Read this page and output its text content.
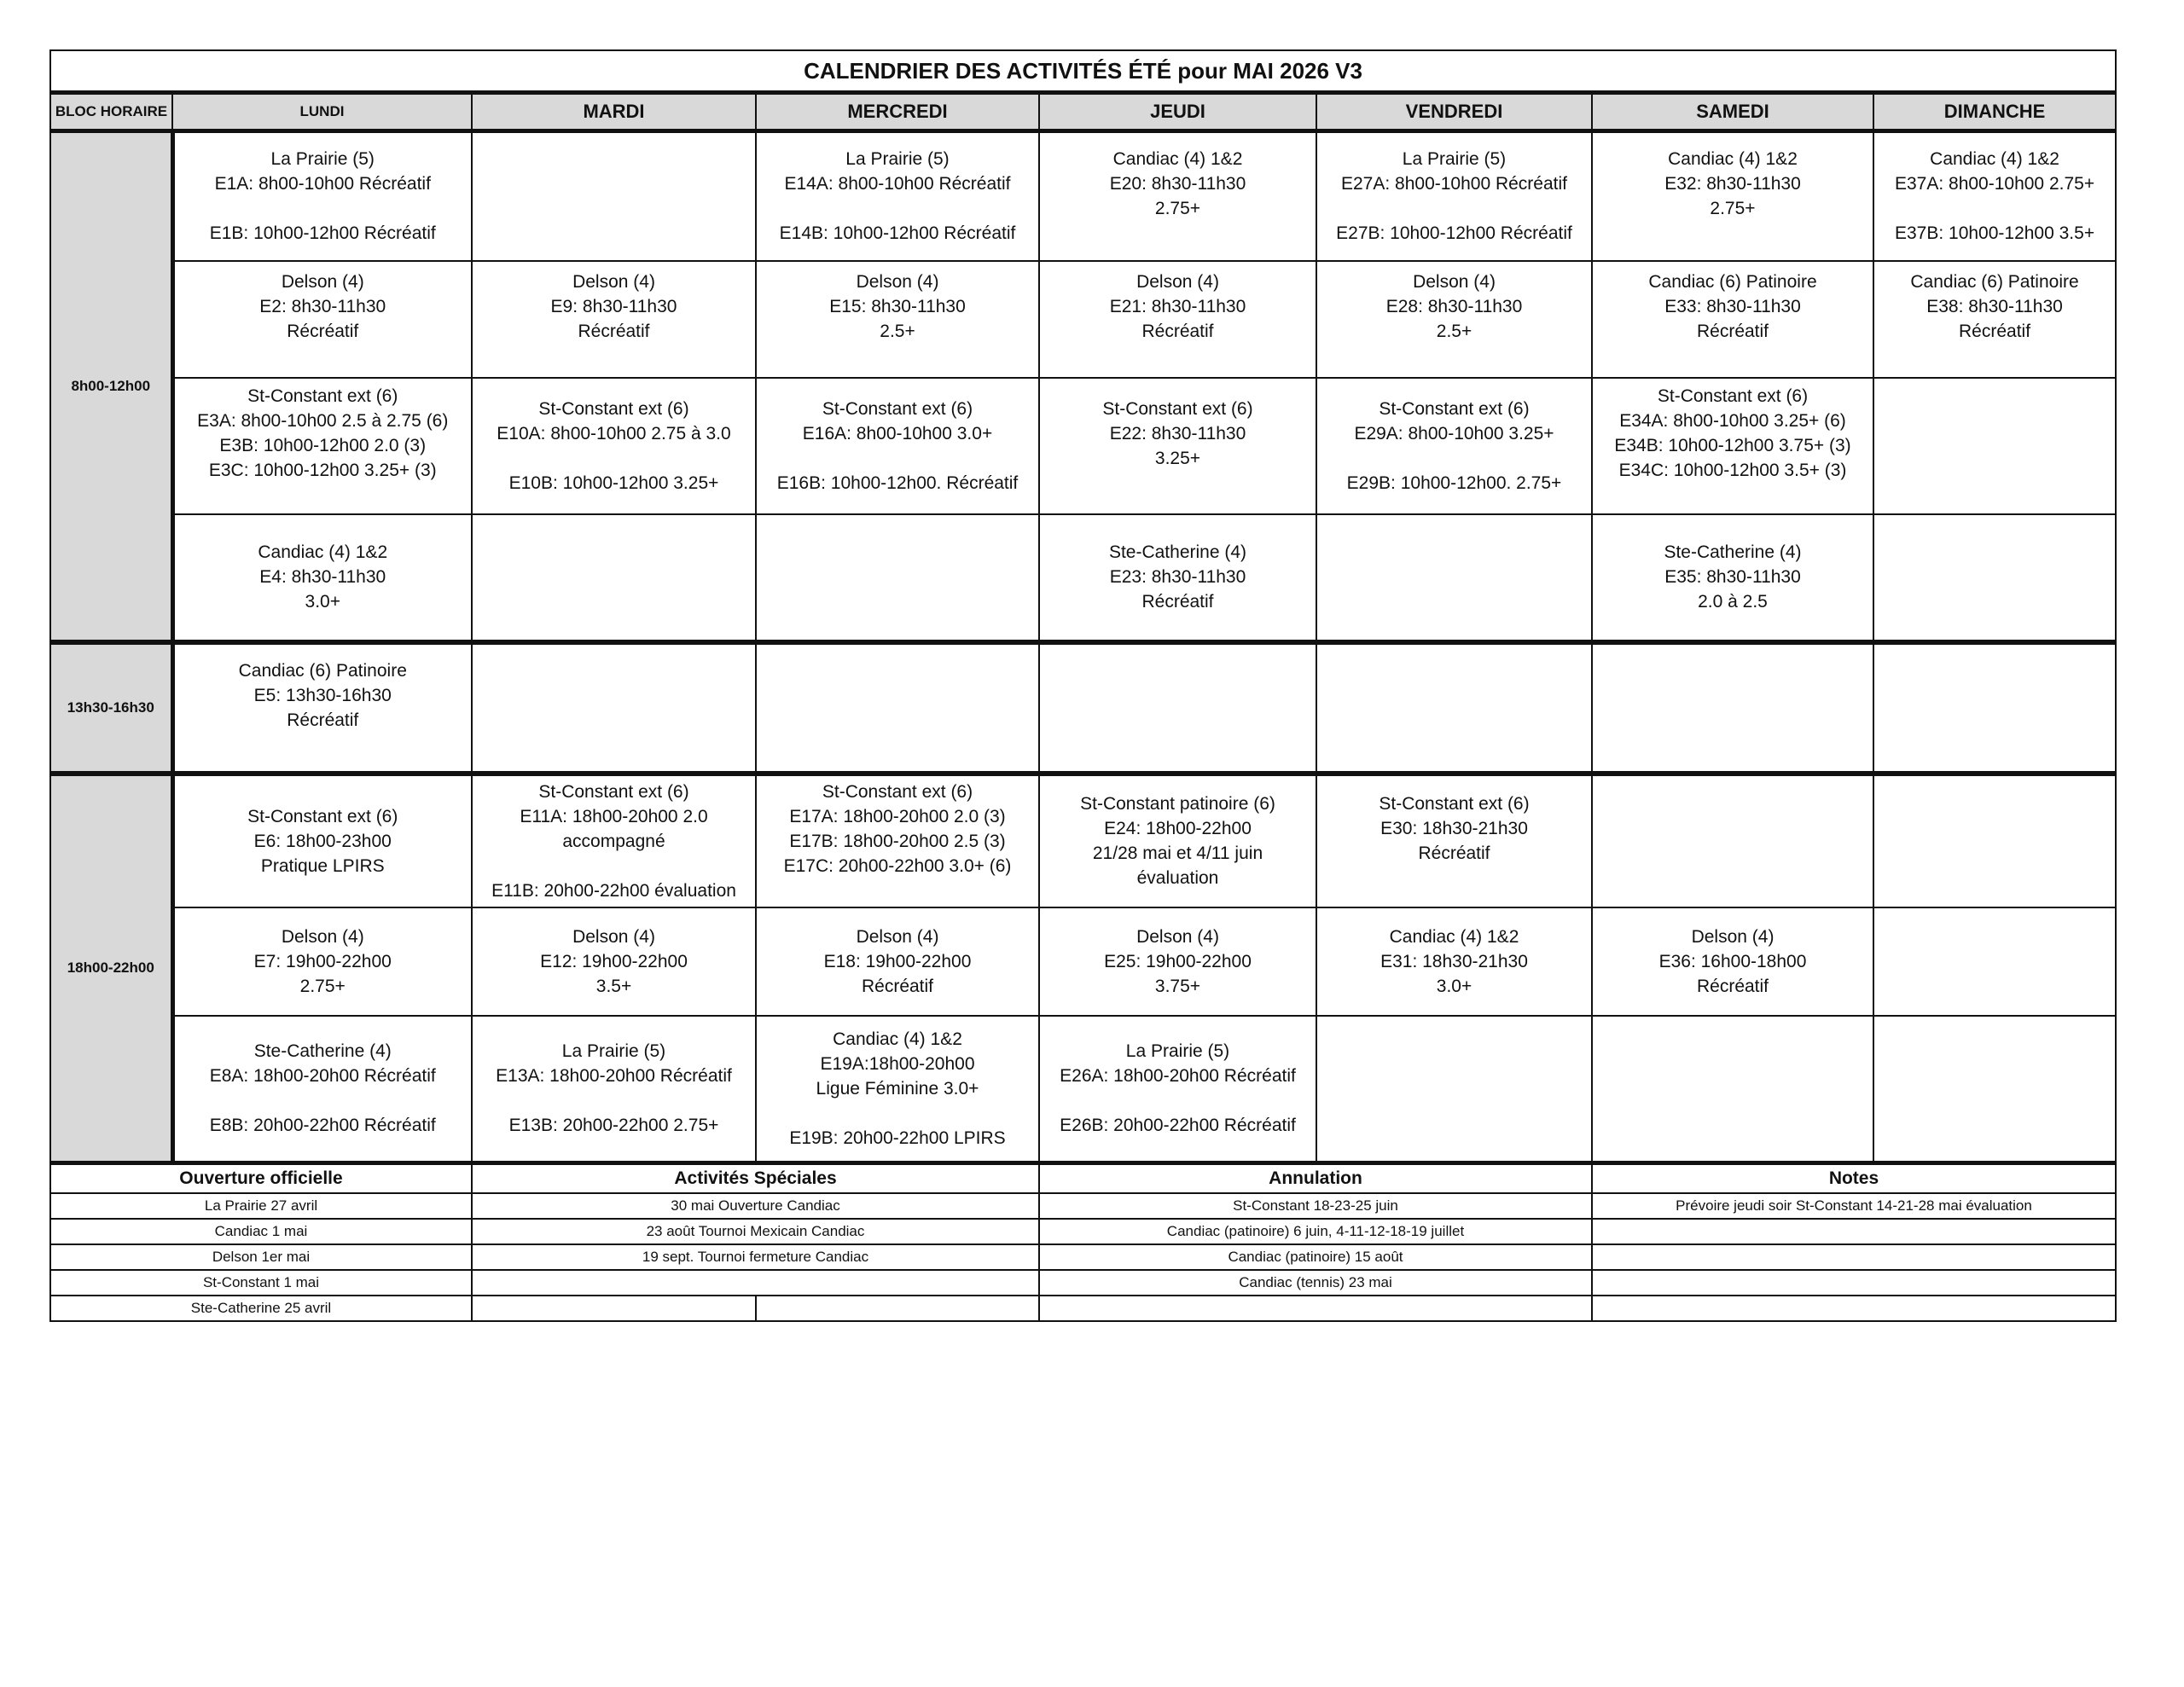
CALENDRIER DES ACTIVITÉS ÉTÉ pour MAI 2026 V3							
BLOC HORAIRE	LUNDI	MARDI	MERCREDI	JEUDI	VENDREDI	SAMEDI	DIMANCHE
8h00-12h00	La Prairie (5)
E1A: 8h00-10h00 Récréatif
E1B: 10h00-12h00 Récréatif		La Prairie (5)
E14A: 8h00-10h00 Récréatif
E14B: 10h00-12h00 Récréatif	Candiac (4) 1&2
E20: 8h30-11h30
2.75+	La Prairie (5)
E27A: 8h00-10h00 Récréatif
E27B: 10h00-12h00 Récréatif	Candiac (4) 1&2
E32: 8h30-11h30
2.75+	Candiac (4) 1&2
E37A: 8h00-10h00 2.75+
E37B: 10h00-12h00 3.5+

	Delson (4)
E2: 8h30-11h30
Récréatif	Delson (4)
E9: 8h30-11h30
Récréatif	Delson (4)
E15: 8h30-11h30
2.5+	Delson (4)
E21: 8h30-11h30
Récréatif	Delson (4)
E28: 8h30-11h30
2.5+	Candiac (6) Patinoire
E33: 8h30-11h30
Récréatif	Candiac (6) Patinoire
E38: 8h30-11h30
Récréatif

	St-Constant ext (6)
E3A: 8h00-10h00 2.5 à 2.75 (6)
E3B: 10h00-12h00 2.0 (3)
E3C: 10h00-12h00 3.25+ (3)	St-Constant ext (6)
E10A: 8h00-10h00 2.75 à 3.0
E10B: 10h00-12h00 3.25+	St-Constant ext (6)
E16A: 8h00-10h00 3.0+
E16B: 10h00-12h00. Récréatif	St-Constant ext (6)
E22: 8h30-11h30
3.25+	St-Constant ext (6)
E29A: 8h00-10h00 3.25+
E29B: 10h00-12h00. 2.75+	St-Constant ext (6)
E34A: 8h00-10h00 3.25+ (6)
E34B: 10h00-12h00 3.75+ (3)
E34C: 10h00-12h00 3.5+ (3)	

	Candiac (4) 1&2
E4: 8h30-11h30
3.0+			Ste-Catherine (4)
E23: 8h30-11h30
Récréatif		Ste-Catherine (4)
E35: 8h30-11h30
2.0 à 2.5	

13h30-16h30	Candiac (6) Patinoire
E5: 13h30-16h30
Récréatif						

18h00-22h00	St-Constant ext (6)
E6: 18h00-23h00
Pratique LPIRS	St-Constant ext (6)
E11A: 18h00-20h00 2.0
accompagné
E11B: 20h00-22h00 évaluation	St-Constant ext (6)
E17A: 18h00-20h00 2.0 (3)
E17B: 18h00-20h00 2.5 (3)
E17C: 20h00-22h00 3.0+ (6)	St-Constant patinoire (6)
E24: 18h00-22h00
21/28 mai et 4/11 juin
évaluation	St-Constant ext (6)
E30: 18h30-21h30
Récréatif		

	Delson (4)
E7: 19h00-22h00
2.75+	Delson (4)
E12: 19h00-22h00
3.5+	Delson (4)
E18: 19h00-22h00
Récréatif	Delson (4)
E25: 19h00-22h00
3.75+	Candiac (4) 1&2
E31: 18h30-21h30
3.0+	Delson (4)
E36: 16h00-18h00
Récréatif	

	Ste-Catherine (4)
E8A: 18h00-20h00 Récréatif
E8B: 20h00-22h00 Récréatif	La Prairie (5)
E13A: 18h00-20h00 Récréatif
E13B: 20h00-22h00 2.75+	Candiac (4) 1&2
E19A:18h00-20h00
Ligue Féminine 3.0+
E19B: 20h00-22h00 LPIRS	La Prairie (5)
E26A: 18h00-20h00 Récréatif
E26B: 20h00-22h00 Récréatif			

Ouverture officielle	Activités Spéciales		Annulation	Notes
La Prairie 27 avril	30 mai Ouverture Candiac		St-Constant 18-23-25 juin	Prévoire jeudi soir St-Constant 14-21-28 mai évaluation
Candiac 1 mai	23 août Tournoi Mexicain Candiac		Candiac (patinoire) 6 juin, 4-11-12-18-19 juillet	
Delson 1er mai	19 sept. Tournoi fermeture Candiac		Candiac (patinoire) 15 août	
St-Constant 1 mai			Candiac (tennis) 23 mai	
Ste-Catherine 25 avril				
